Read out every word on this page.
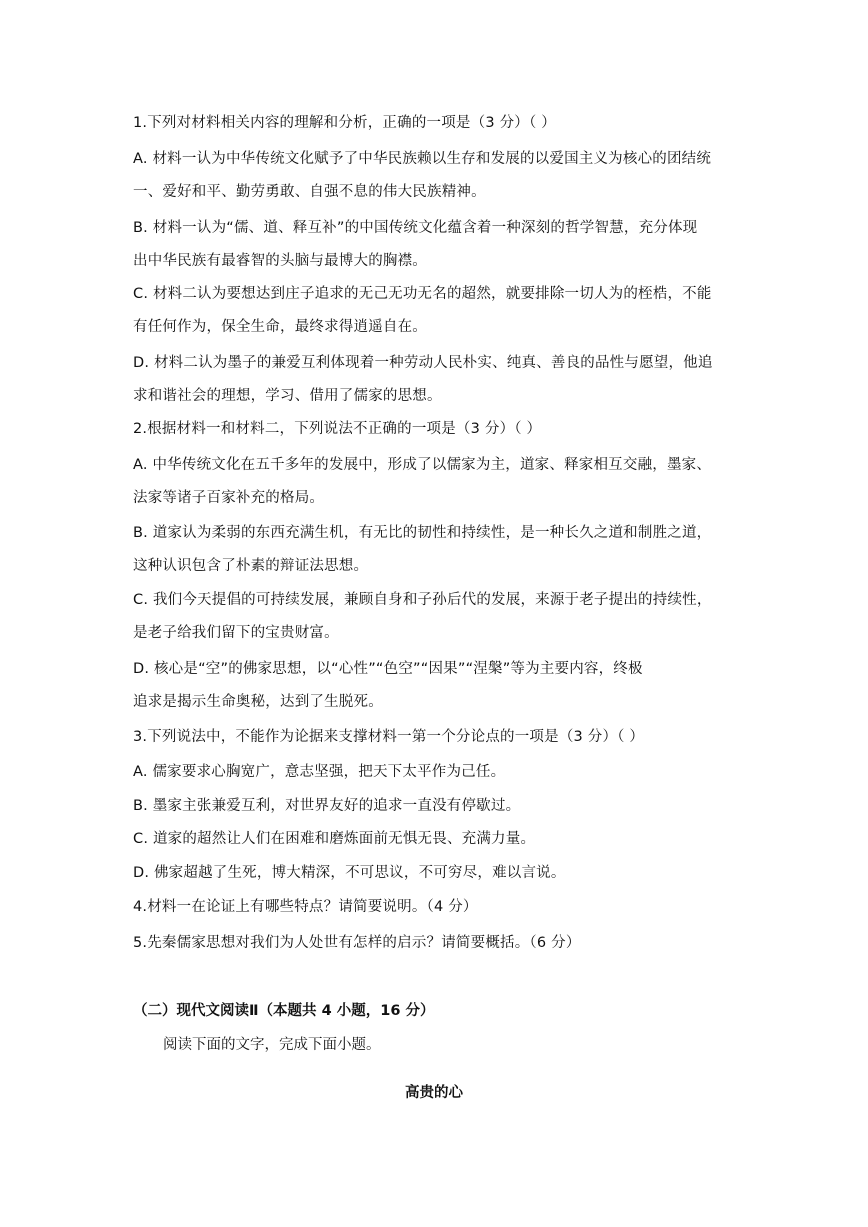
1.下列对材料相关内容的理解和分析，正确的一项是（3 分）（ ）
A. 材料一认为中华传统文化赋予了中华民族赖以生存和发展的以爱国主义为核心的团结统
一、爱好和平、勤劳勇敢、自强不息的伟大民族精神。
B. 材料一认为“儒、道、释互补”的中国传统文化蕴含着一种深刻的哲学智慧，充分体现
出中华民族有最睿智的头脑与最博大的胸襟。
C. 材料二认为要想达到庄子追求的无己无功无名的超然，就要排除一切人为的桎梏，不能
有任何作为，保全生命，最终求得逍遥自在。
D. 材料二认为墨子的兼爱互利体现着一种劳动人民朴实、纯真、善良的品性与愿望，他追
求和谐社会的理想，学习、借用了儒家的思想。
2.根据材料一和材料二，下列说法不正确的一项是（3 分）（ ）
A. 中华传统文化在五千多年的发展中，形成了以儒家为主，道家、释家相互交融，墨家、
法家等诸子百家补充的格局。
B. 道家认为柔弱的东西充满生机，有无比的韧性和持续性，是一种长久之道和制胜之道，
这种认识包含了朴素的辩证法思想。
C. 我们今天提倡的可持续发展，兼顾自身和子孙后代的发展，来源于老子提出的持续性，
是老子给我们留下的宝贵财富。
D. 核心是“空”的佛家思想，以“心性”“色空”“因果”“涅槃”等为主要内容，终极
追求是揭示生命奥秘，达到了生脱死。
3.下列说法中，不能作为论据来支撑材料一第一个分论点的一项是（3 分）（ ）
A. 儒家要求心胸宽广，意志坚强，把天下太平作为己任。
B. 墨家主张兼爱互利，对世界友好的追求一直没有停歇过。
C. 道家的超然让人们在困难和磨炼面前无惧无畏、充满力量。
D. 佛家超越了生死，博大精深，不可思议，不可穷尽，难以言说。
4.材料一在论证上有哪些特点？请简要说明。（4 分）
5.先秦儒家思想对我们为人处世有怎样的启示？请简要概括。（6 分）
（二）现代文阅读Ⅱ（本题共 4 小题，16 分）
阅读下面的文字，完成下面小题。
高贵的心
